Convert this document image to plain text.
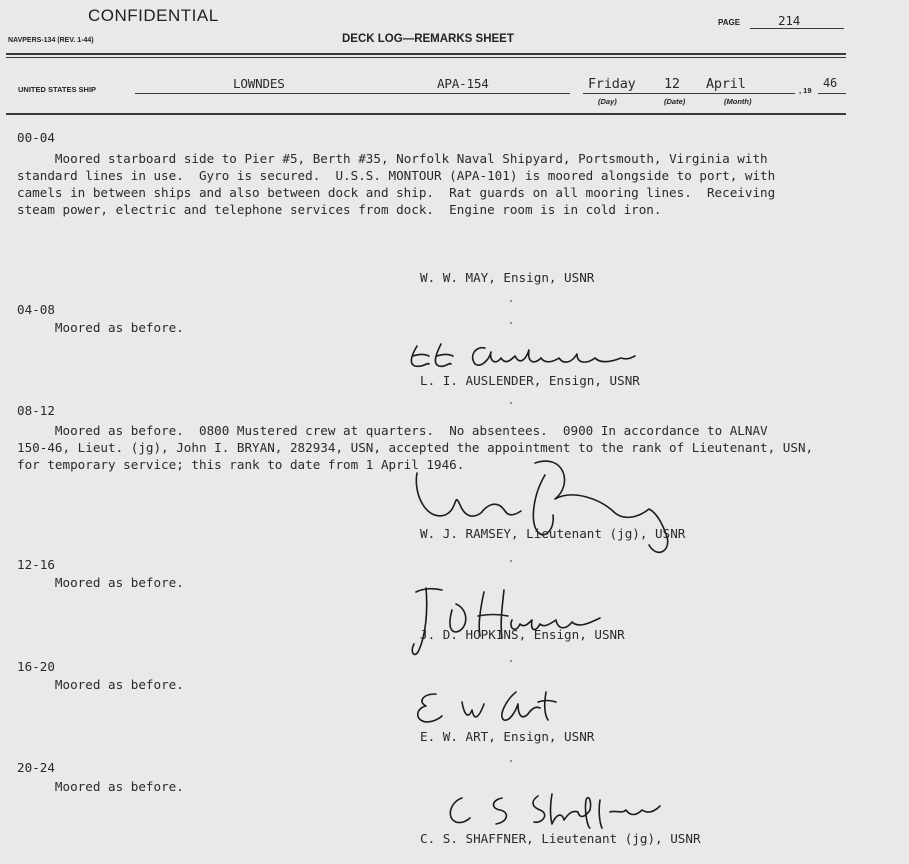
CONFIDENTIAL
NAVPERS-134 (REV. 1-44)	DECK LOG—REMARKS SHEET
PAGE	214
UNITED STATES SHIP	LOWNDES	APA-154	Friday 12 April	, 19
46
(Day)	(Date)	(Month)
00-04
Moored starboard side to Pier #5, Berth #35, Norfolk Naval Shipyard, Portsmouth, Virginia with
standard lines in use.  Gyro is secured.  U.S.S. MONTOUR (APA-101) is moored alongside to port, with
camels in between ships and also between dock and ship.  Rat guards on all mooring lines.  Receiving
steam power, electric and telephone services from dock.  Engine room is in cold iron.
W. W. MAY, Ensign, USNR
04-08
Moored as before.
L. I. AUSLENDER, Ensign, USNR
08-12
Moored as before.  0800 Mustered crew at quarters.  No absentees.  0900 In accordance to ALNAV
150-46, Lieut. (jg), John I. BRYAN, 282934, USN, accepted the appointment to the rank of Lieutenant, USN,
for temporary service; this rank to date from 1 April 1946.
W. J. RAMSEY, Lieutenant (jg), USNR
12-16
Moored as before.
J. D. HOPKINS, Ensign, USNR
16-20
Moored as before.
E. W. ART, Ensign, USNR
20-24
Moored as before.
C. S. SHAFFNER, Lieutenant (jg), USNR
